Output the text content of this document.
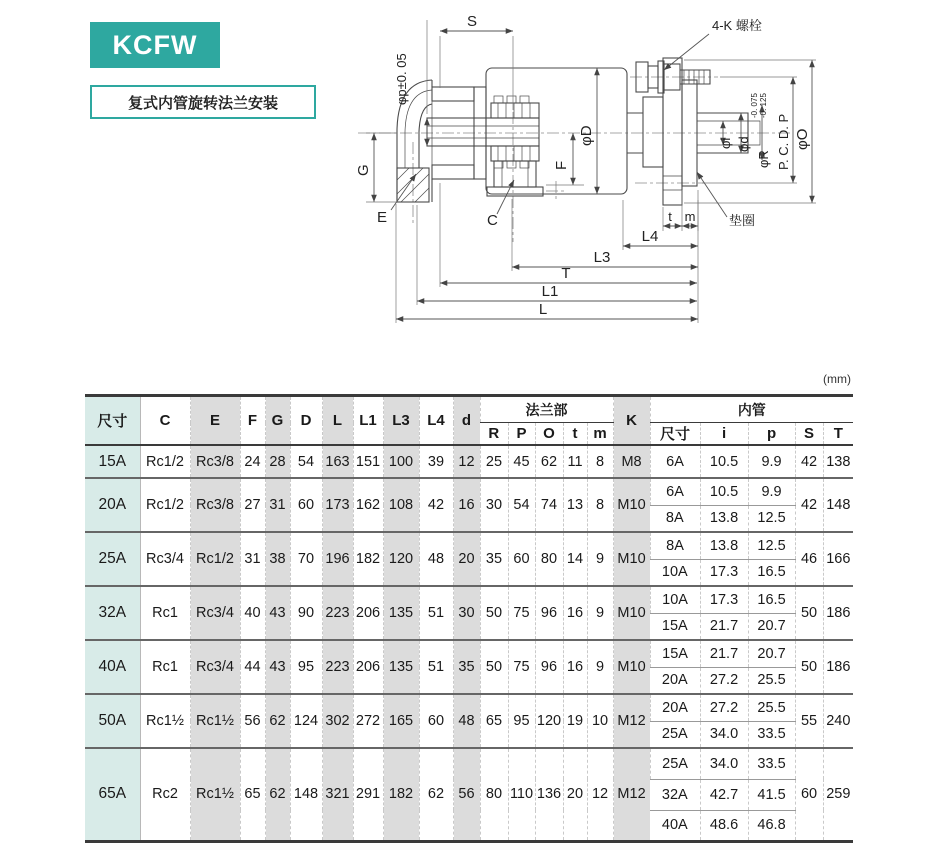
KCFW
复式内管旋转法兰安装
S
φp±0. 05
4-K 螺栓
φD
F
G
E	C
φi φd
φR
-0. 075 -0. 125
P. C. D. P φO
垫圈
t m
L4
L3
T
L1
L
(mm)
尺寸	C	E	F	G	D	L	L1	L3	L4	d	法兰部					K	内管				
											R	P	O	t	m		尺寸	i	p	S	T
15A	Rc1/2	Rc3/8	24	28	54	163	151	100	39	12	25	45	62	11	8	M8	6A	10.5	9.9	42	138
20A	Rc1/2	Rc3/8	27	31	60	173	162	108	42	16	30	54	74	13	8	M10	6A	10.5	9.9	42	148
																	8A	13.8	12.5		
25A	Rc3/4	Rc1/2	31	38	70	196	182	120	48	20	35	60	80	14	9	M10	8A	13.8	12.5	46	166
																	10A	17.3	16.5		
32A	Rc1	Rc3/4	40	43	90	223	206	135	51	30	50	75	96	16	9	M10	10A	17.3	16.5	50	186
																	15A	21.7	20.7		
40A	Rc1	Rc3/4	44	43	95	223	206	135	51	35	50	75	96	16	9	M10	15A	21.7	20.7	50	186
																	20A	27.2	25.5		
50A	Rc1½	Rc1½	56	62	124	302	272	165	60	48	65	95	120	19	10	M12	20A	27.2	25.5	55	240
																	25A	34.0	33.5		
65A	Rc2	Rc1½	65	62	148	321	291	182	62	56	80	110	136	20	12	M12	25A	34.0	33.5	60	259
																	32A	42.7	41.5		
																	40A	48.6	46.8		
